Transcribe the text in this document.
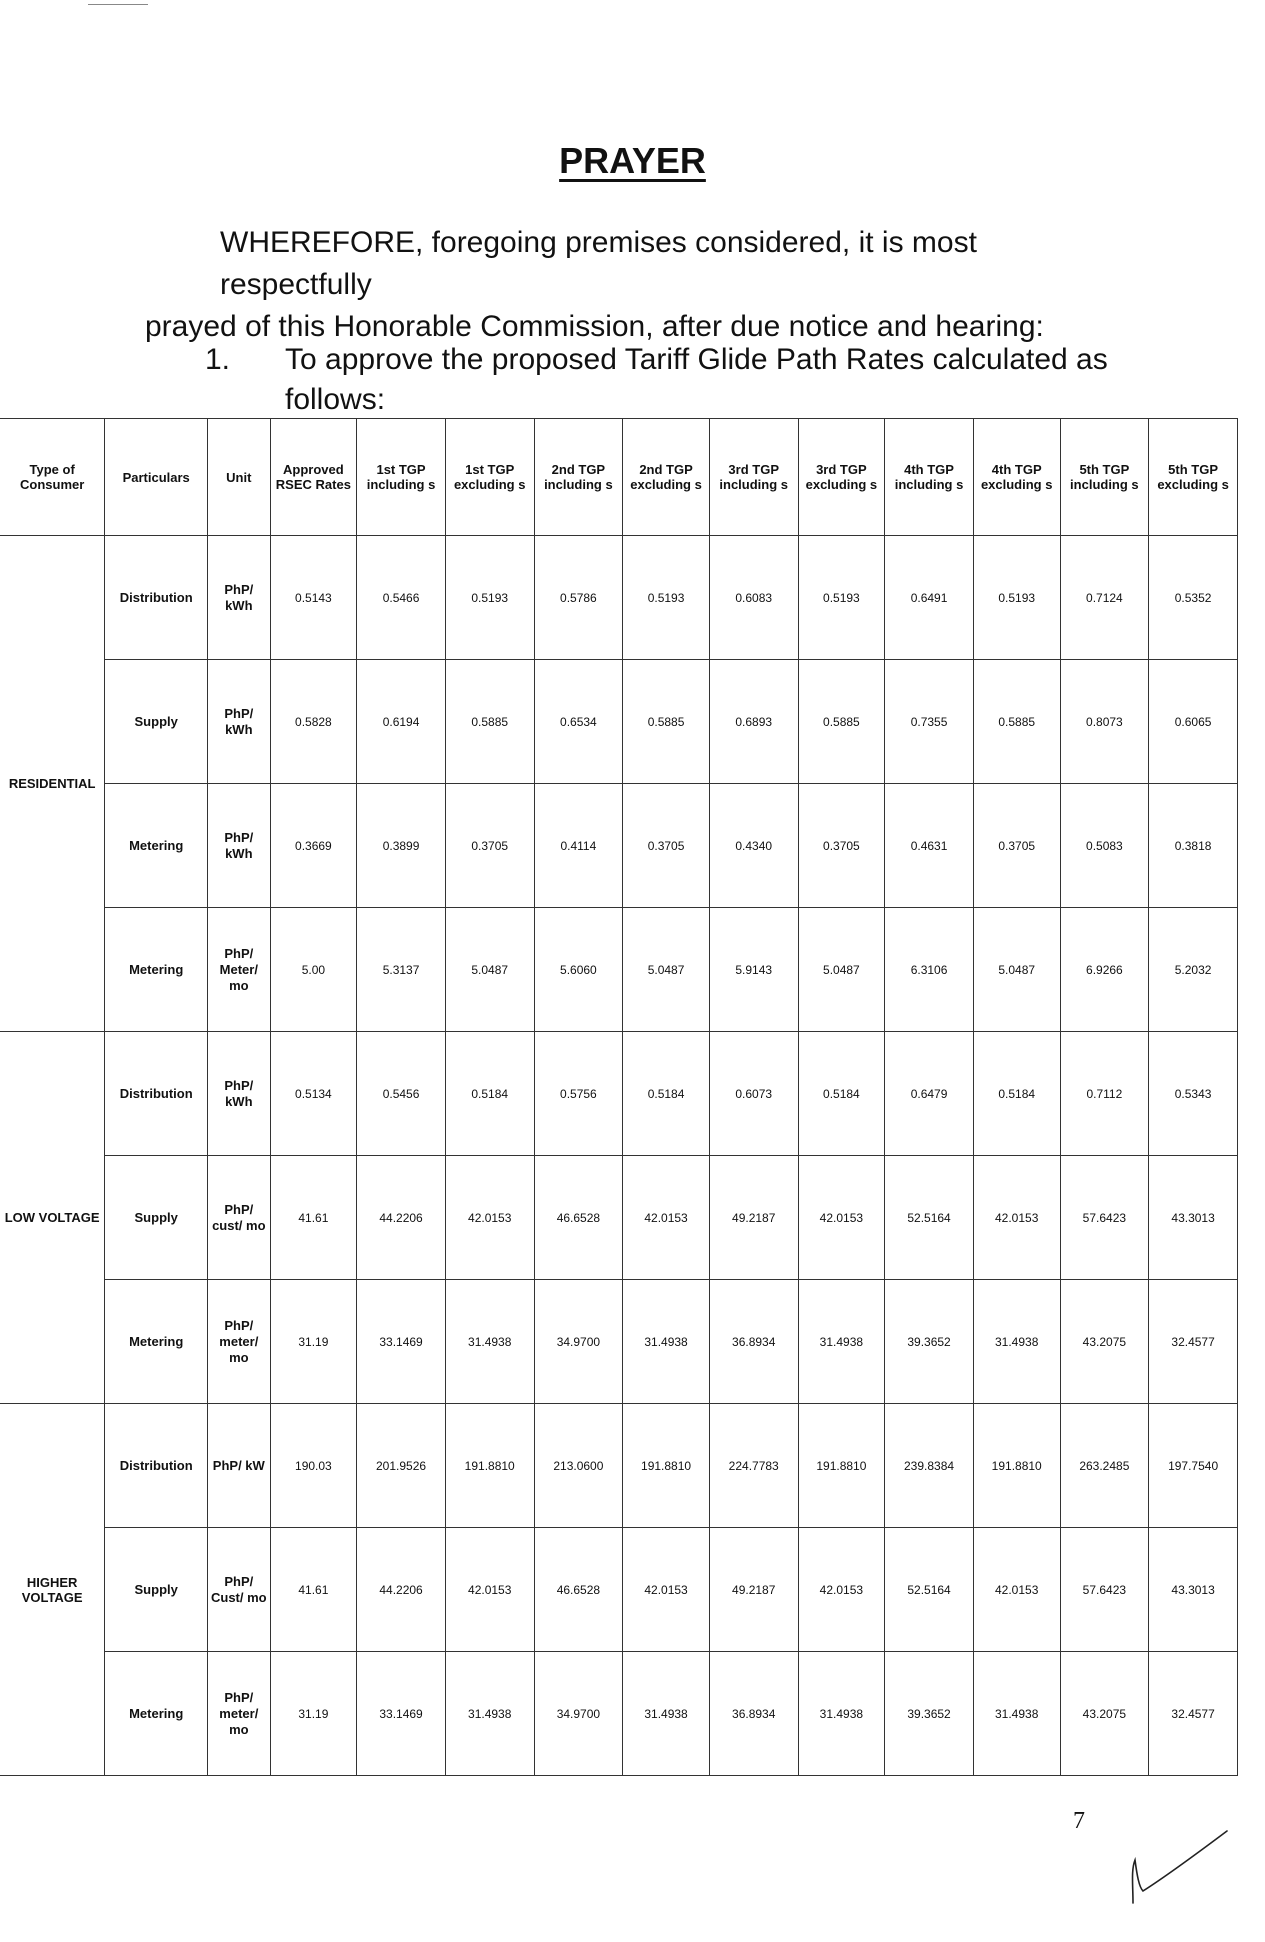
PRAYER
WHEREFORE, foregoing premises considered, it is most respectfully
prayed of this Honorable Commission, after due notice and hearing:
1. To approve the proposed Tariff Glide Path Rates calculated as follows:
Type of Consumer	Particulars	Unit	Approved RSEC Rates	1st TGP including s	1st TGP excluding s	2nd TGP including s	2nd TGP excluding s	3rd TGP including s	3rd TGP excluding s	4th TGP including s	4th TGP excluding s	5th TGP including s	5th TGP excluding s
RESIDENTIAL	Distribution	PhP/ kWh	0.5143	0.5466	0.5193	0.5786	0.5193	0.6083	0.5193	0.6491	0.5193	0.7124	0.5352
	Supply	PhP/ kWh	0.5828	0.6194	0.5885	0.6534	0.5885	0.6893	0.5885	0.7355	0.5885	0.8073	0.6065
	Metering	PhP/ kWh	0.3669	0.3899	0.3705	0.4114	0.3705	0.4340	0.3705	0.4631	0.3705	0.5083	0.3818
	Metering	PhP/ Meter/ mo	5.00	5.3137	5.0487	5.6060	5.0487	5.9143	5.0487	6.3106	5.0487	6.9266	5.2032
LOW VOLTAGE	Distribution	PhP/ kWh	0.5134	0.5456	0.5184	0.5756	0.5184	0.6073	0.5184	0.6479	0.5184	0.7112	0.5343
	Supply	PhP/ cust/ mo	41.61	44.2206	42.0153	46.6528	42.0153	49.2187	42.0153	52.5164	42.0153	57.6423	43.3013
	Metering	PhP/ meter/ mo	31.19	33.1469	31.4938	34.9700	31.4938	36.8934	31.4938	39.3652	31.4938	43.2075	32.4577
HIGHER VOLTAGE	Distribution	PhP/ kW	190.03	201.9526	191.8810	213.0600	191.8810	224.7783	191.8810	239.8384	191.8810	263.2485	197.7540
	Supply	PhP/ Cust/ mo	41.61	44.2206	42.0153	46.6528	42.0153	49.2187	42.0153	52.5164	42.0153	57.6423	43.3013
	Metering	PhP/ meter/ mo	31.19	33.1469	31.4938	34.9700	31.4938	36.8934	31.4938	39.3652	31.4938	43.2075	32.4577
7
